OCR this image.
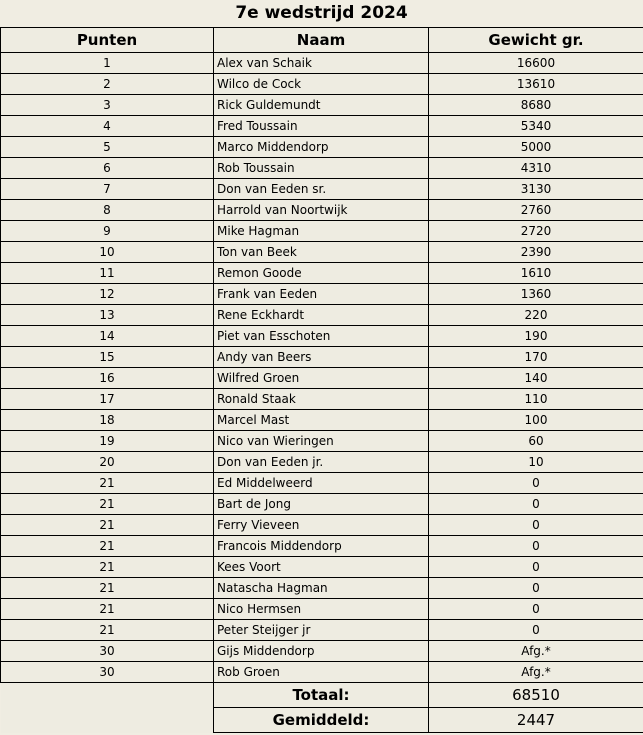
7e wedstrijd 2024
Punten	Naam	Gewicht gr.
1	Alex van Schaik	16600
2	Wilco de Cock	13610
3	Rick Guldemundt	8680
4	Fred Toussain	5340
5	Marco Middendorp	5000
6	Rob Toussain	4310
7	Don van Eeden sr.	3130
8	Harrold van Noortwijk	2760
9	Mike Hagman	2720
10	Ton van Beek	2390
11	Remon Goode	1610
12	Frank van Eeden	1360
13	Rene Eckhardt	220
14	Piet van Esschoten	190
15	Andy van Beers	170
16	Wilfred Groen	140
17	Ronald Staak	110
18	Marcel Mast	100
19	Nico van Wieringen	60
20	Don van Eeden jr.	10
21	Ed Middelweerd	0
21	Bart de Jong	0
21	Ferry Vieveen	0
21	Francois Middendorp	0
21	Kees Voort	0
21	Natascha Hagman	0
21	Nico Hermsen	0
21	Peter Steijger jr	0
30	Gijs Middendorp	Afg.*
30	Rob Groen	Afg.*
	Totaal:	68510
	Gemiddeld:	2447
